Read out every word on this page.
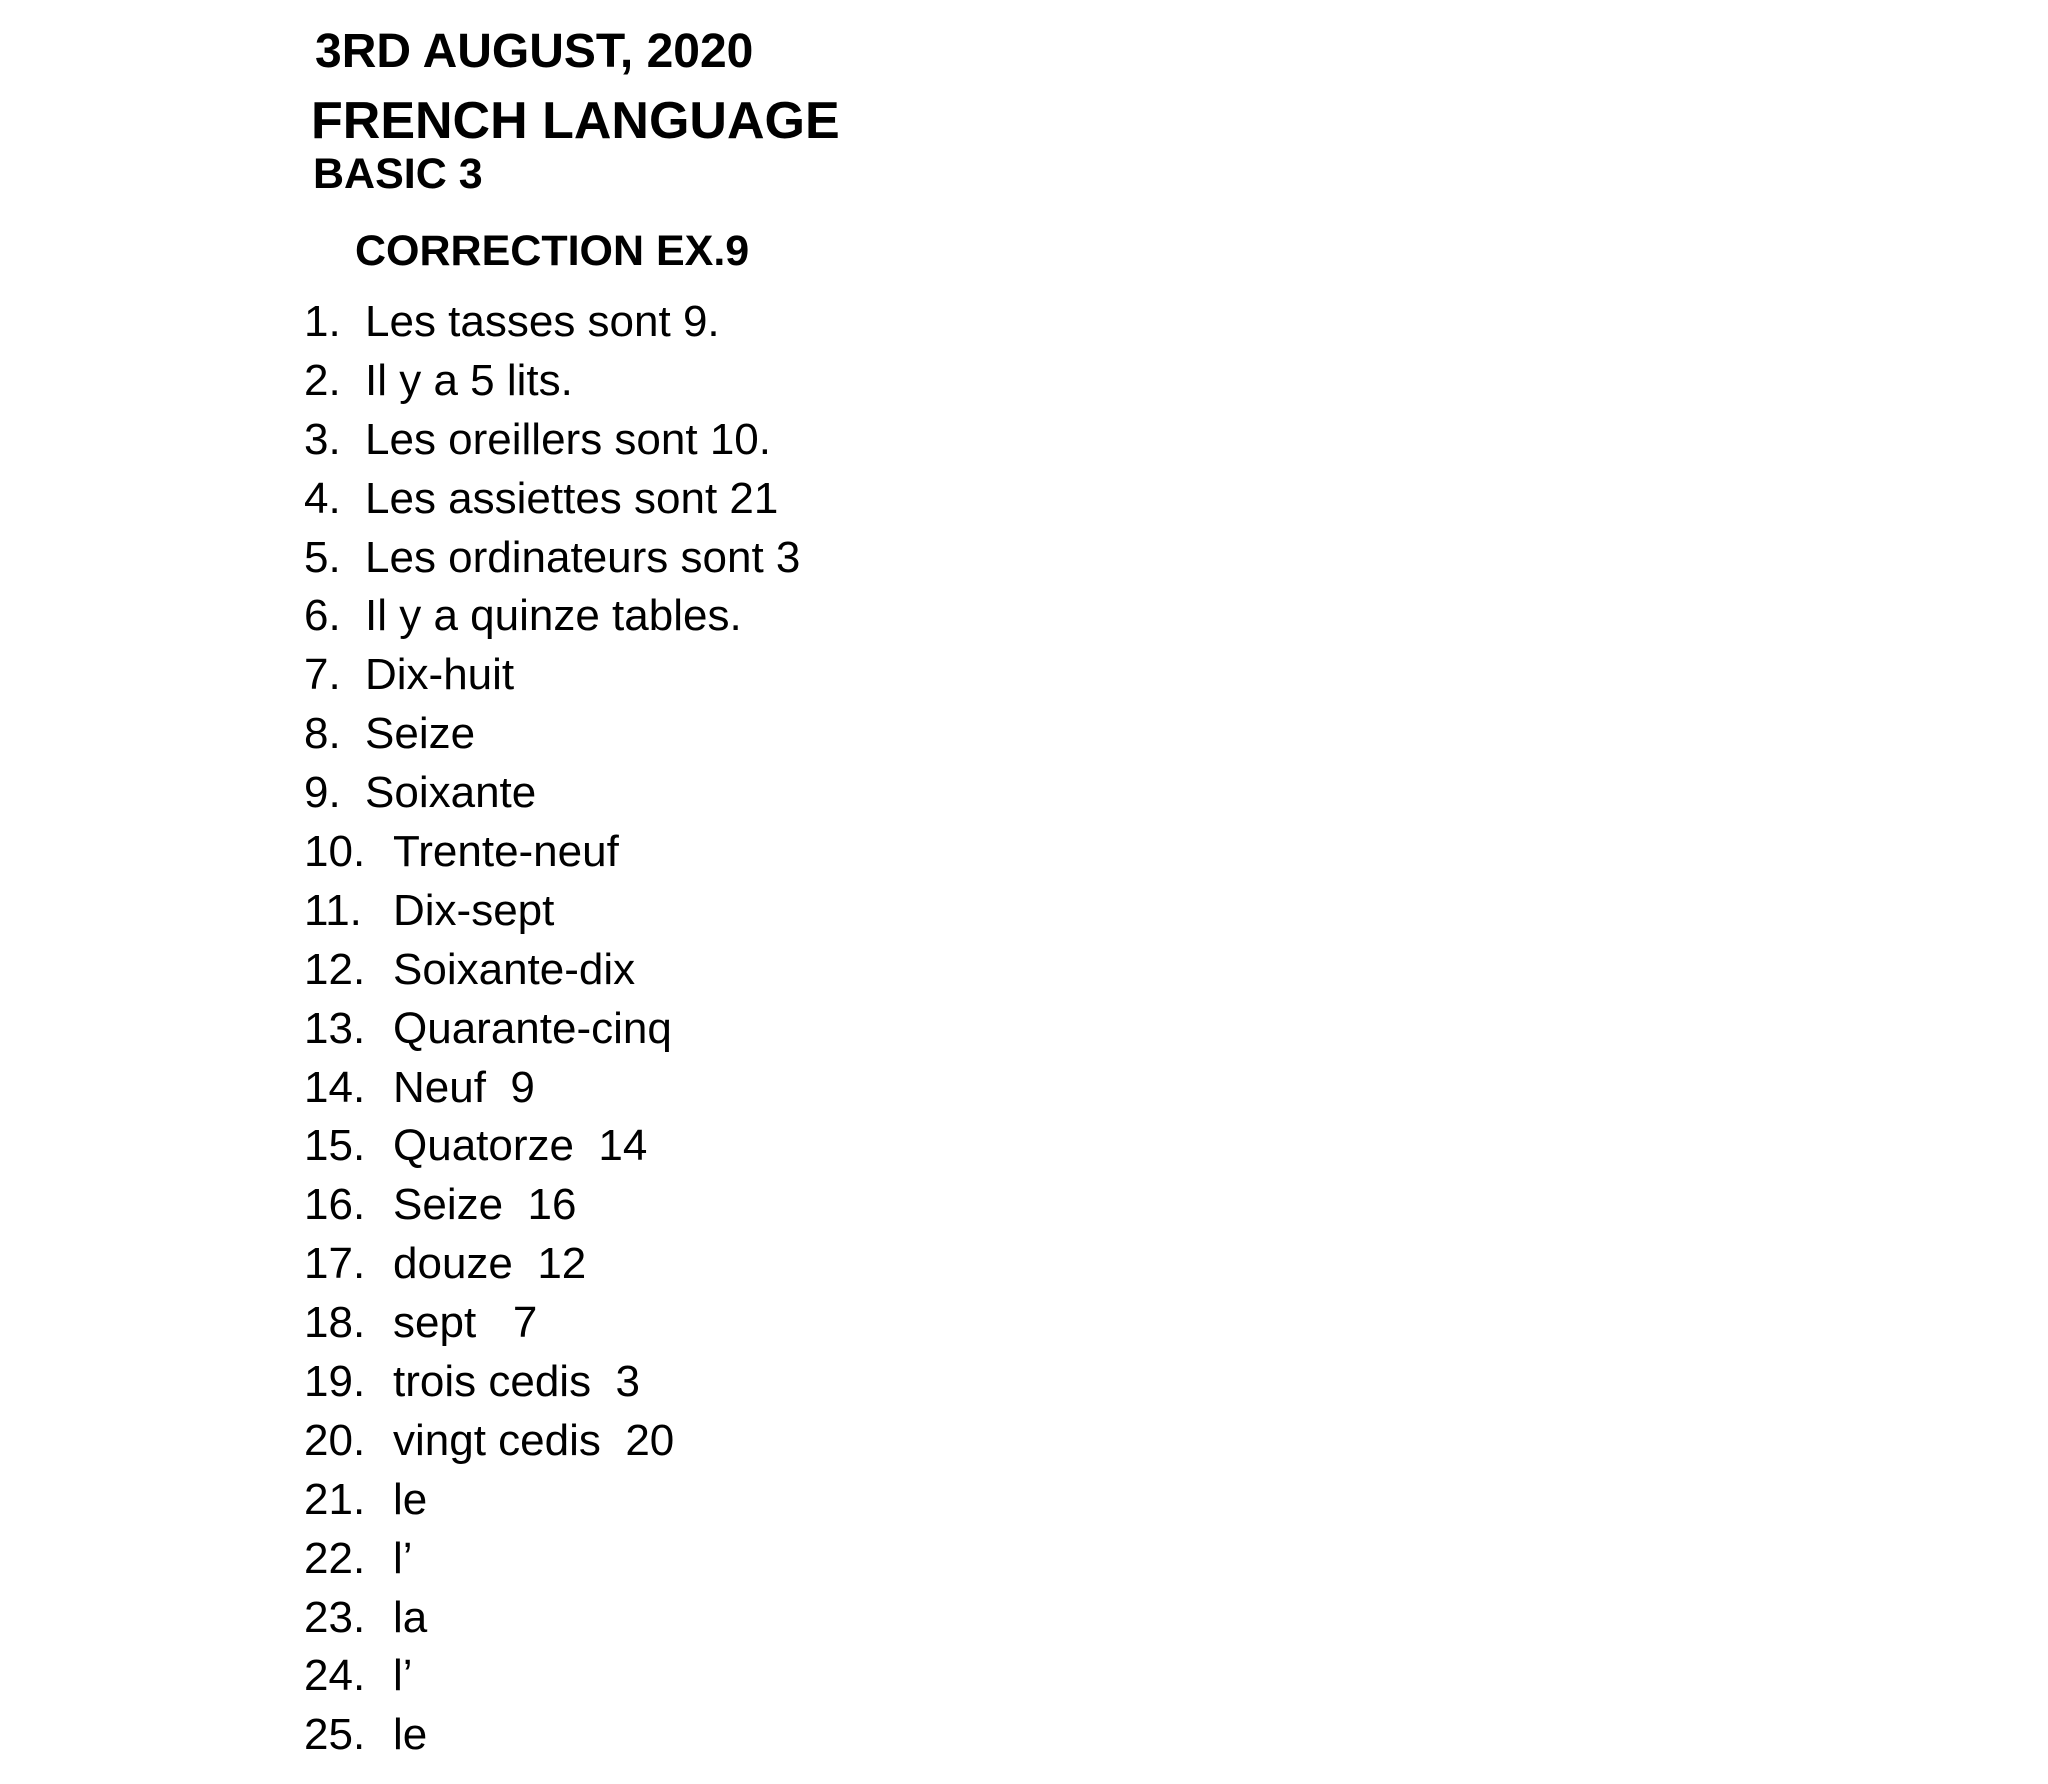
3RD AUGUST, 2020
FRENCH LANGUAGE
BASIC 3
CORRECTION EX.9
1. Les tasses sont 9.
2. Il y a 5 lits.
3. Les oreillers sont 10.
4. Les assiettes sont 21
5. Les ordinateurs sont 3
6. Il y a quinze tables.
7. Dix-huit
8. Seize
9. Soixante
10. Trente-neuf
11. Dix-sept
12. Soixante-dix
13. Quarante-cinq
14. Neuf  9
15. Quatorze  14
16. Seize  16
17. douze  12
18. sept   7
19. trois cedis  3
20. vingt cedis  20
21. le
22. l’
23. la
24. l’
25. le
